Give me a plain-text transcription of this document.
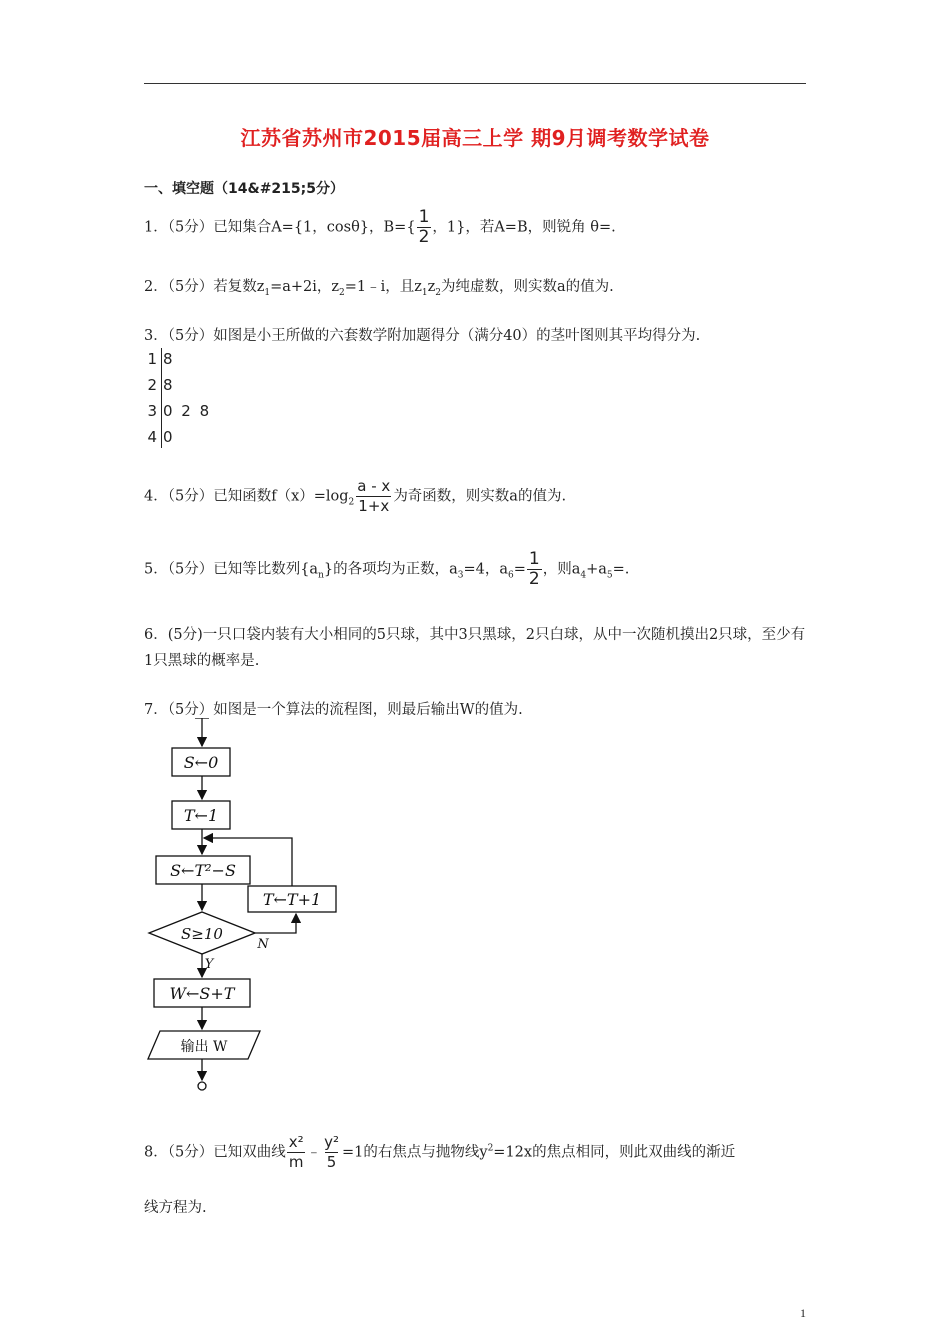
江苏省苏州市2015届高三上学 期9月调考数学试卷
一、填空题（14&#215;5分）
1．（5分）已知集合A={1，cosθ}，$B=\{ \frac{1}{2}$ ，1}，若A=B，则锐角 θ=.
2．（5分）若复数$z_1=a+2i$，$z_2=1﹣i$，且$z_1z_2$为纯虚数，则实数a的值为.
3．（5分）如图是小王所做的六套数学附加题得分（满分40）的茎叶图则其平均得分为.
1 8
2 8
3 0 2 8
4 0
4．（5分）已知函数$f(x)=\log_2 \frac{a - x}{1+x}$ 为奇函数，则实数a的值为.
5．（5分）已知等比数列$\{a_n\}$的各项均为正数，$a_3=4$，$a_6= \frac{1}{2}$ ，则$a_4+a_5=$.
6．(5分)一只口袋内装有大小相同的5只球，其中3只黑球，2只白球，从中一次随机摸出2只球，至少有1只黑球的概率是.
7．（5分）如图是一个算法的流程图，则最后输出W的值为.
S←0
T←1
S←T²−S
T←T+1
S≥10
N
Y
W←S+T
输出 W
8．（5分）已知双曲线 $\frac{\text{x²}}{m}$ ﹣ $\frac{\text{y²}}{5} =1$的右焦点与抛物线$y^2=12x$的焦点相同，则此双曲线的渐近
线方程为.
1
